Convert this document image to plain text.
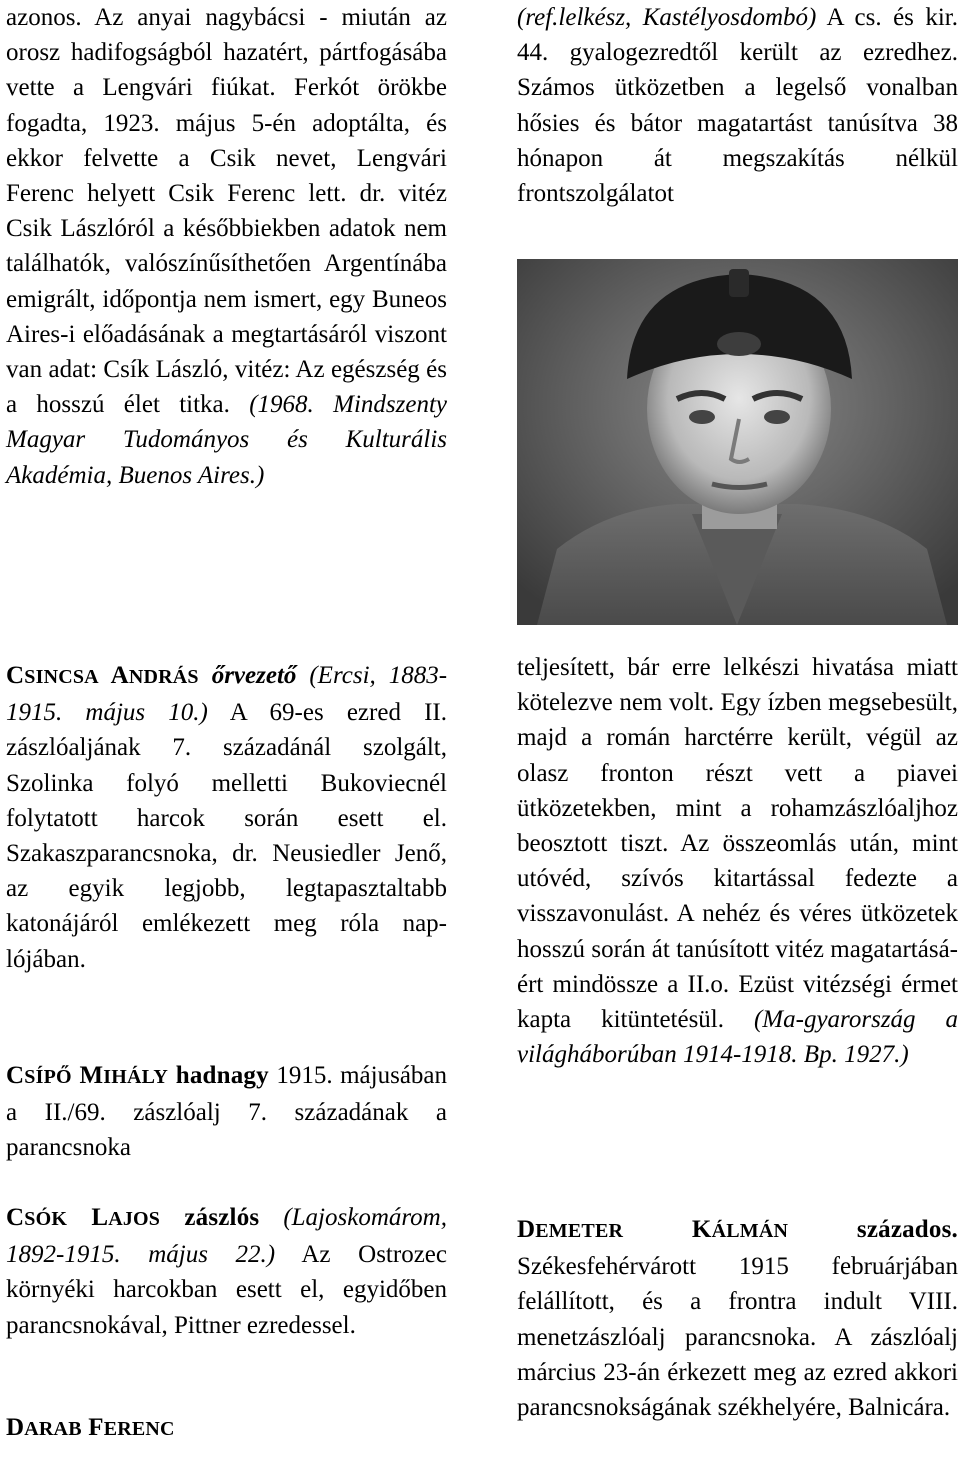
azonos. Az anyai nagybácsi - miután az orosz hadifogságból hazatért, pártfogásába vette a Lengvári fiúkat. Ferkót örökbe fogadta, 1923. május 5-én adoptálta, és ekkor felvette a Csik nevet, Lengvári Ferenc helyett Csik Ferenc lett. dr. vitéz Csik Lászlóról a későbbiekben adatok nem találhatók, valószínűsíthetően Argentínába emigrált, időpontja nem ismert, egy Buneos Aires-i előadásának a megtartásáról viszont van adat: Csík László, vitéz: Az egészség és a hosszú élet titka. (1968. Mindszenty Magyar Tudományos és Kulturális Akadémia, Buenos Aires.)

CSINCSA ANDRÁS őrvezető (Ercsi, 1883-1915. május 10.) A 69-es ezred II. zászlóaljának 7. századánál szolgált, Szolinka folyó melletti Bukoviecnél folytatott harcok során esett el. Szakaszparancsnoka, dr. Neusiedler Jenő, az egyik legjobb, legtapasztaltabb katonájáról emlékezett meg róla nap-lójában.

CSÍPŐ MIHÁLY hadnagy 1915. májusában a II./69. zászlóalj 7. századának a parancsnoka

CSÓK LAJOS zászlós (Lajoskomárom, 1892-1915. május 22.) Az Ostrozec környéki harcokban esett el, egyidőben parancsnokával, Pittner ezredessel.

DARAB FERENC

(ref.lelkész, Kastélyosdombó) A cs. és kir. 44. gyalogezredtől került az ezredhez. Számos ütközetben a legelső vonalban hősies és bátor magatartást tanúsítva 38 hónapon át megszakítás nélkül frontszolgálatot

teljesített, bár erre lelkészi hivatása miatt kötelezve nem volt. Egy ízben megsebesült, majd a román harctérre került, végül az olasz fronton részt vett a piavei ütközetekben, mint a rohamzászlóaljhoz beosztott tiszt. Az összeomlás után, mint utóvéd, szívós kitartással fedezte a visszavonulást. A nehéz és véres ütközetek hosszú során át tanúsított vitéz magatartásá-ért mindössze a II.o. Ezüst vitézségi érmet kapta kitüntetésül. (Ma-gyarország a világháborúban 1914-1918. Bp. 1927.)

DEMETER	KÁLMÁN	százados. Székesfehérvárott 1915 februárjában felállított, és a frontra indult VIII. menetzászlóalj parancsnoka. A zászlóalj március 23-án érkezett meg az ezred akkori parancsnokságának székhelyére, Balnicára.
